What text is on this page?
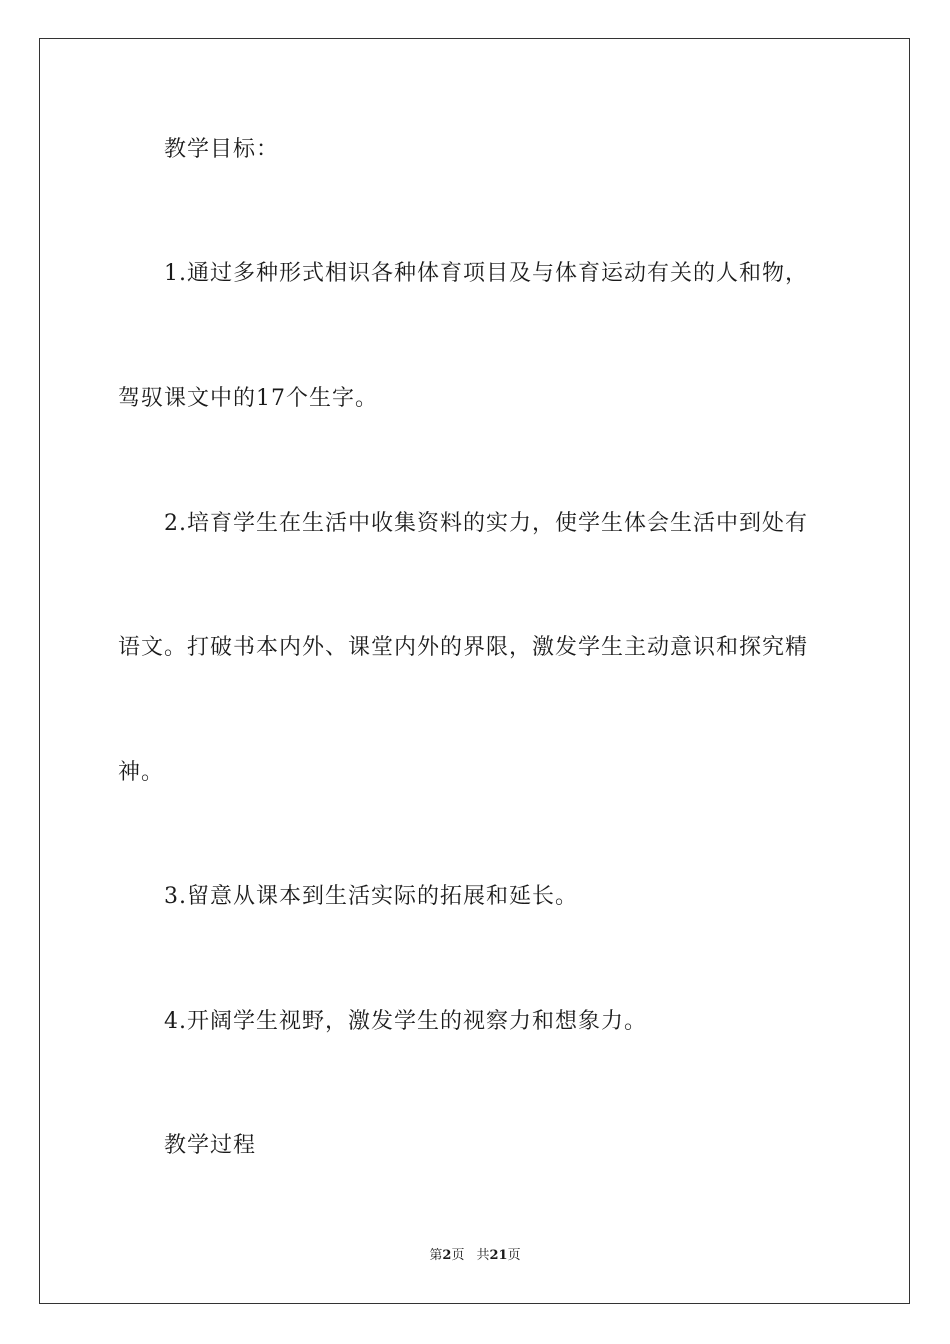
教学目标：
1.通过多种形式相识各种体育项目及与体育运动有关的人和物，
驾驭课文中的17个生字。
2.培育学生在生活中收集资料的实力，使学生体会生活中到处有
语文。打破书本内外、课堂内外的界限，激发学生主动意识和探究精
神。
3.留意从课本到生活实际的拓展和延长。
4.开阔学生视野，激发学生的视察力和想象力。
教学过程
第2页 共21页
